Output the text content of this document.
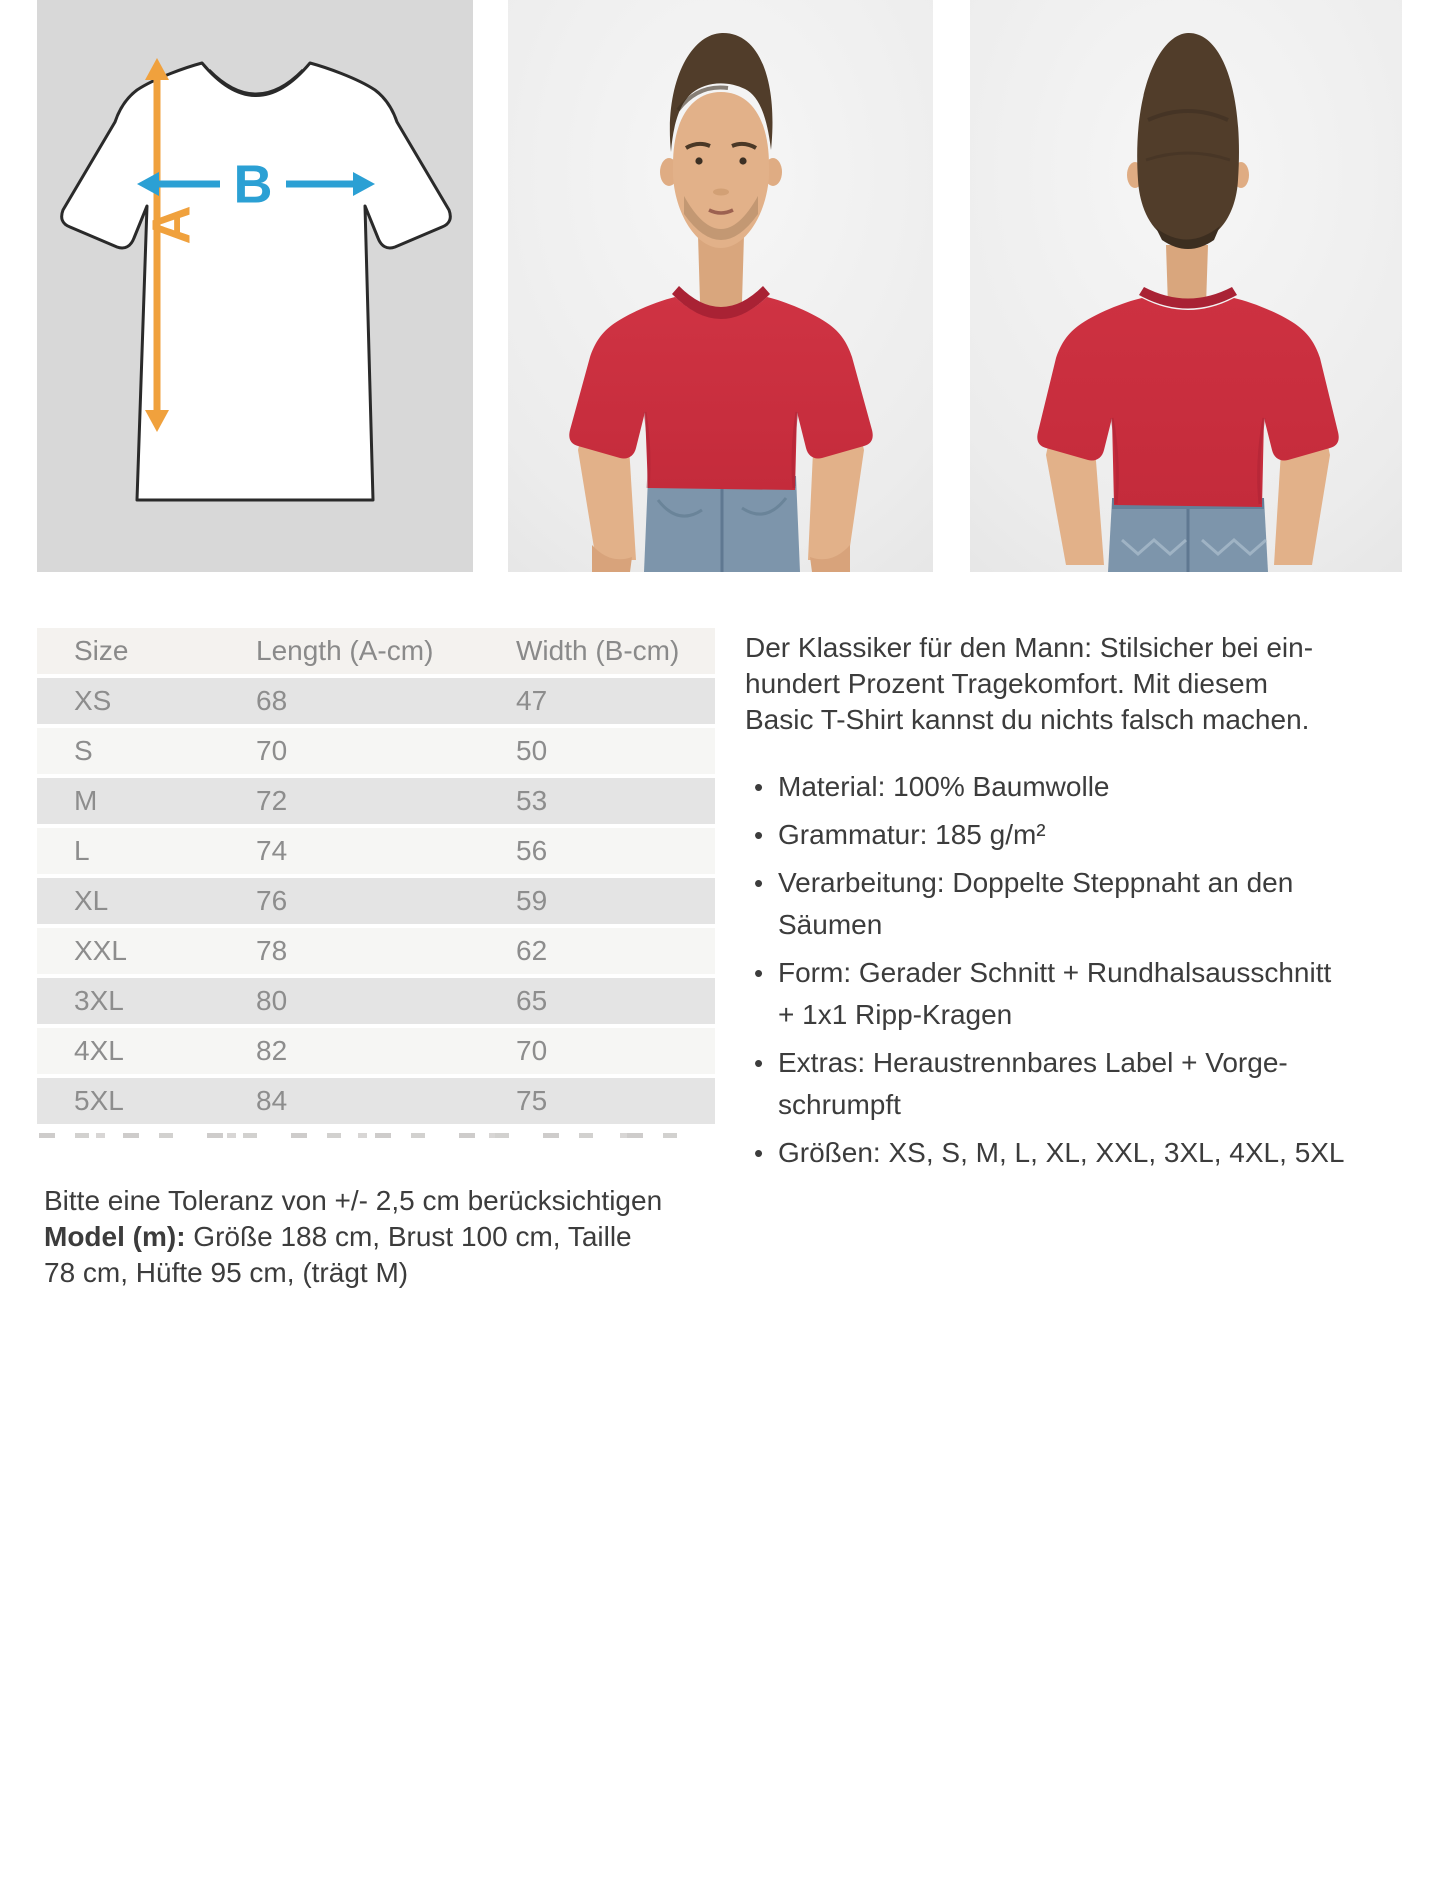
A
B
Size	Length (A-cm)	Width (B-cm)
XS	68	47
S	70	50
M	72	53
L	74	56
XL	76	59
XXL	78	62
3XL	80	65
4XL	82	70
5XL	84	75
Der Klassiker für den Mann: Stilsicher bei ein-
hundert Prozent Tragekomfort. Mit diesem
Basic T-Shirt kannst du nichts falsch machen.
• Material: 100% Baumwolle
• Grammatur: 185 g/m²
• Verarbeitung: Doppelte Steppnaht an den
Säumen
• Form: Gerader Schnitt + Rundhalsausschnitt
+ 1x1 Ripp-Kragen
• Extras: Heraustrennbares Label + Vorge-
schrumpft
• Größen: XS, S, M, L, XL, XXL, 3XL, 4XL, 5XL
Bitte eine Toleranz von +/- 2,5 cm berücksichtigen
Model (m): Größe 188 cm, Brust 100 cm, Taille
78 cm, Hüfte 95 cm, (trägt M)
